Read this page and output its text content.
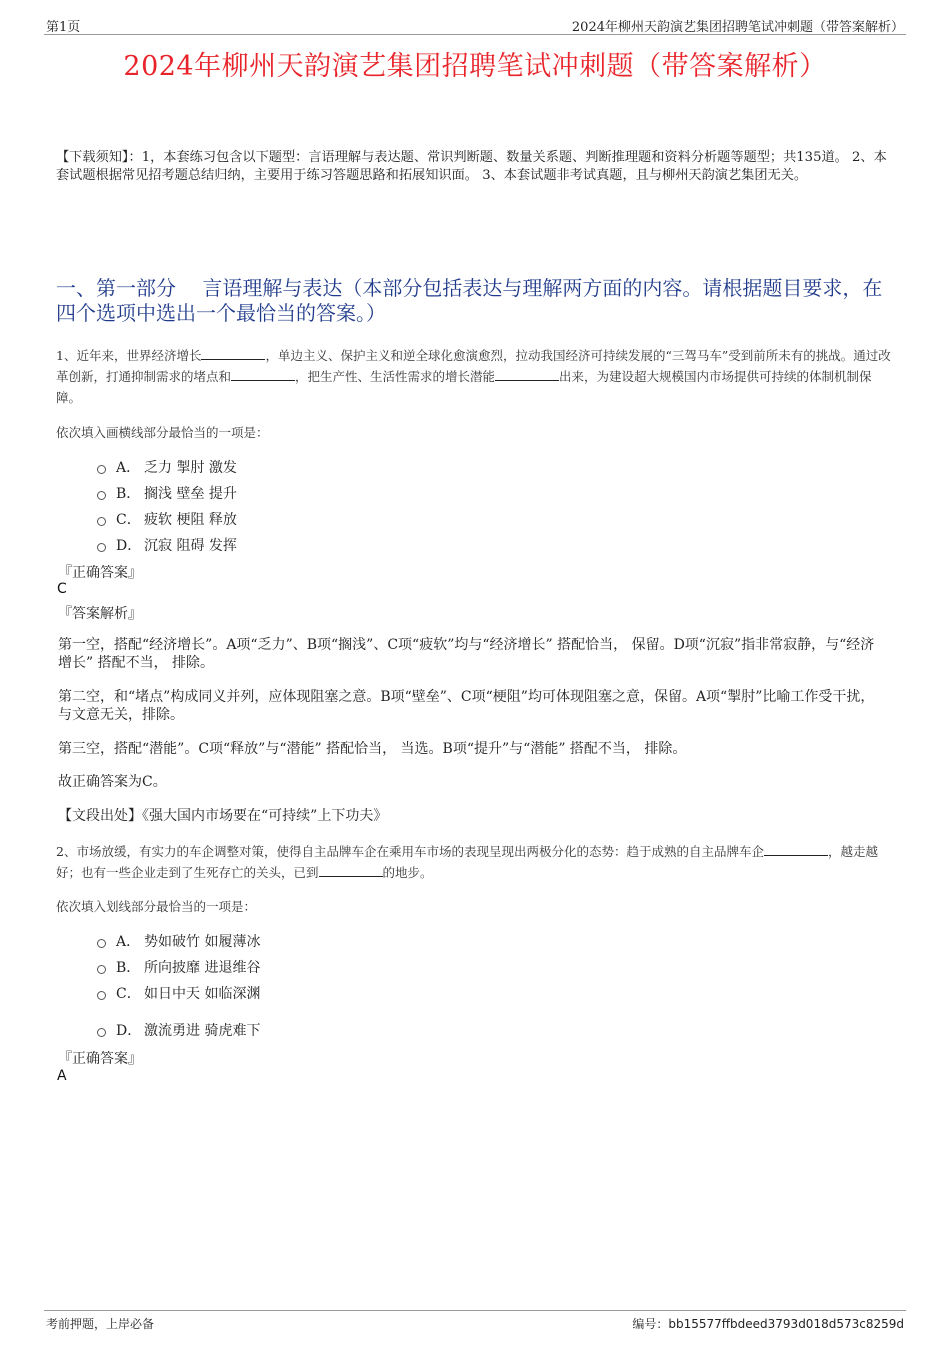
第1页	2024年柳州天韵演艺集团招聘笔试冲刺题（带答案解析）
2024年柳州天韵演艺集团招聘笔试冲刺题（带答案解析）
【下载须知】：1，本套练习包含以下题型：言语理解与表达题、常识判断题、数量关系题、判断推理题和资料分析题等题型；共135道。 2、本套试题根据常见招考题总结归纳，主要用于练习答题思路和拓展知识面。 3、本套试题非考试真题，且与柳州天韵演艺集团无关。
一、第一部分　 言语理解与表达（本部分包括表达与理解两方面的内容。请根据题目要求，在四个选项中选出一个最恰当的答案。）
1、近年来，世界经济增长	，单边主义、保护主义和逆全球化愈演愈烈，拉动我国经济可持续发展的“三驾马车”受到前所未有的挑战。通过改革创新，打通抑制需求的堵点和	，把生产性、生活性需求的增长潜能	出来，为建设超大规模国内市场提供可持续的体制机制保障。
依次填入画横线部分最恰当的一项是：
A． 乏力 掣肘 激发
B． 搁浅 壁垒 提升
C． 疲软 梗阻 释放
D． 沉寂 阻碍 发挥
『正确答案』
C
『答案解析』
第一空，搭配“经济增长”。A项“乏力”、B项“搁浅”、C项“疲软”均与“经济增长” 搭配恰当， 保留。D项“沉寂”指非常寂静，与“经济增长” 搭配不当， 排除。
第二空，和“堵点”构成同义并列，应体现阻塞之意。B项“壁垒”、C项“梗阻”均可体现阻塞之意，保留。A项“掣肘”比喻工作受干扰，与文意无关，排除。
第三空，搭配“潜能”。C项“释放”与“潜能” 搭配恰当， 当选。B项“提升”与“潜能” 搭配不当， 排除。
故正确答案为C。
【文段出处】《强大国内市场要在“可持续”上下功夫》
2、市场放缓，有实力的车企调整对策，使得自主品牌车企在乘用车市场的表现呈现出两极分化的态势：趋于成熟的自主品牌车企	，越走越好；也有一些企业走到了生死存亡的关头，已到	的地步。
依次填入划线部分最恰当的一项是：
A． 势如破竹 如履薄冰
B． 所向披靡 进退维谷
C． 如日中天 如临深渊
D． 激流勇进 骑虎难下
『正确答案』
A
考前押题，上岸必备	编号：bb15577ffbdeed3793d018d573c8259d
